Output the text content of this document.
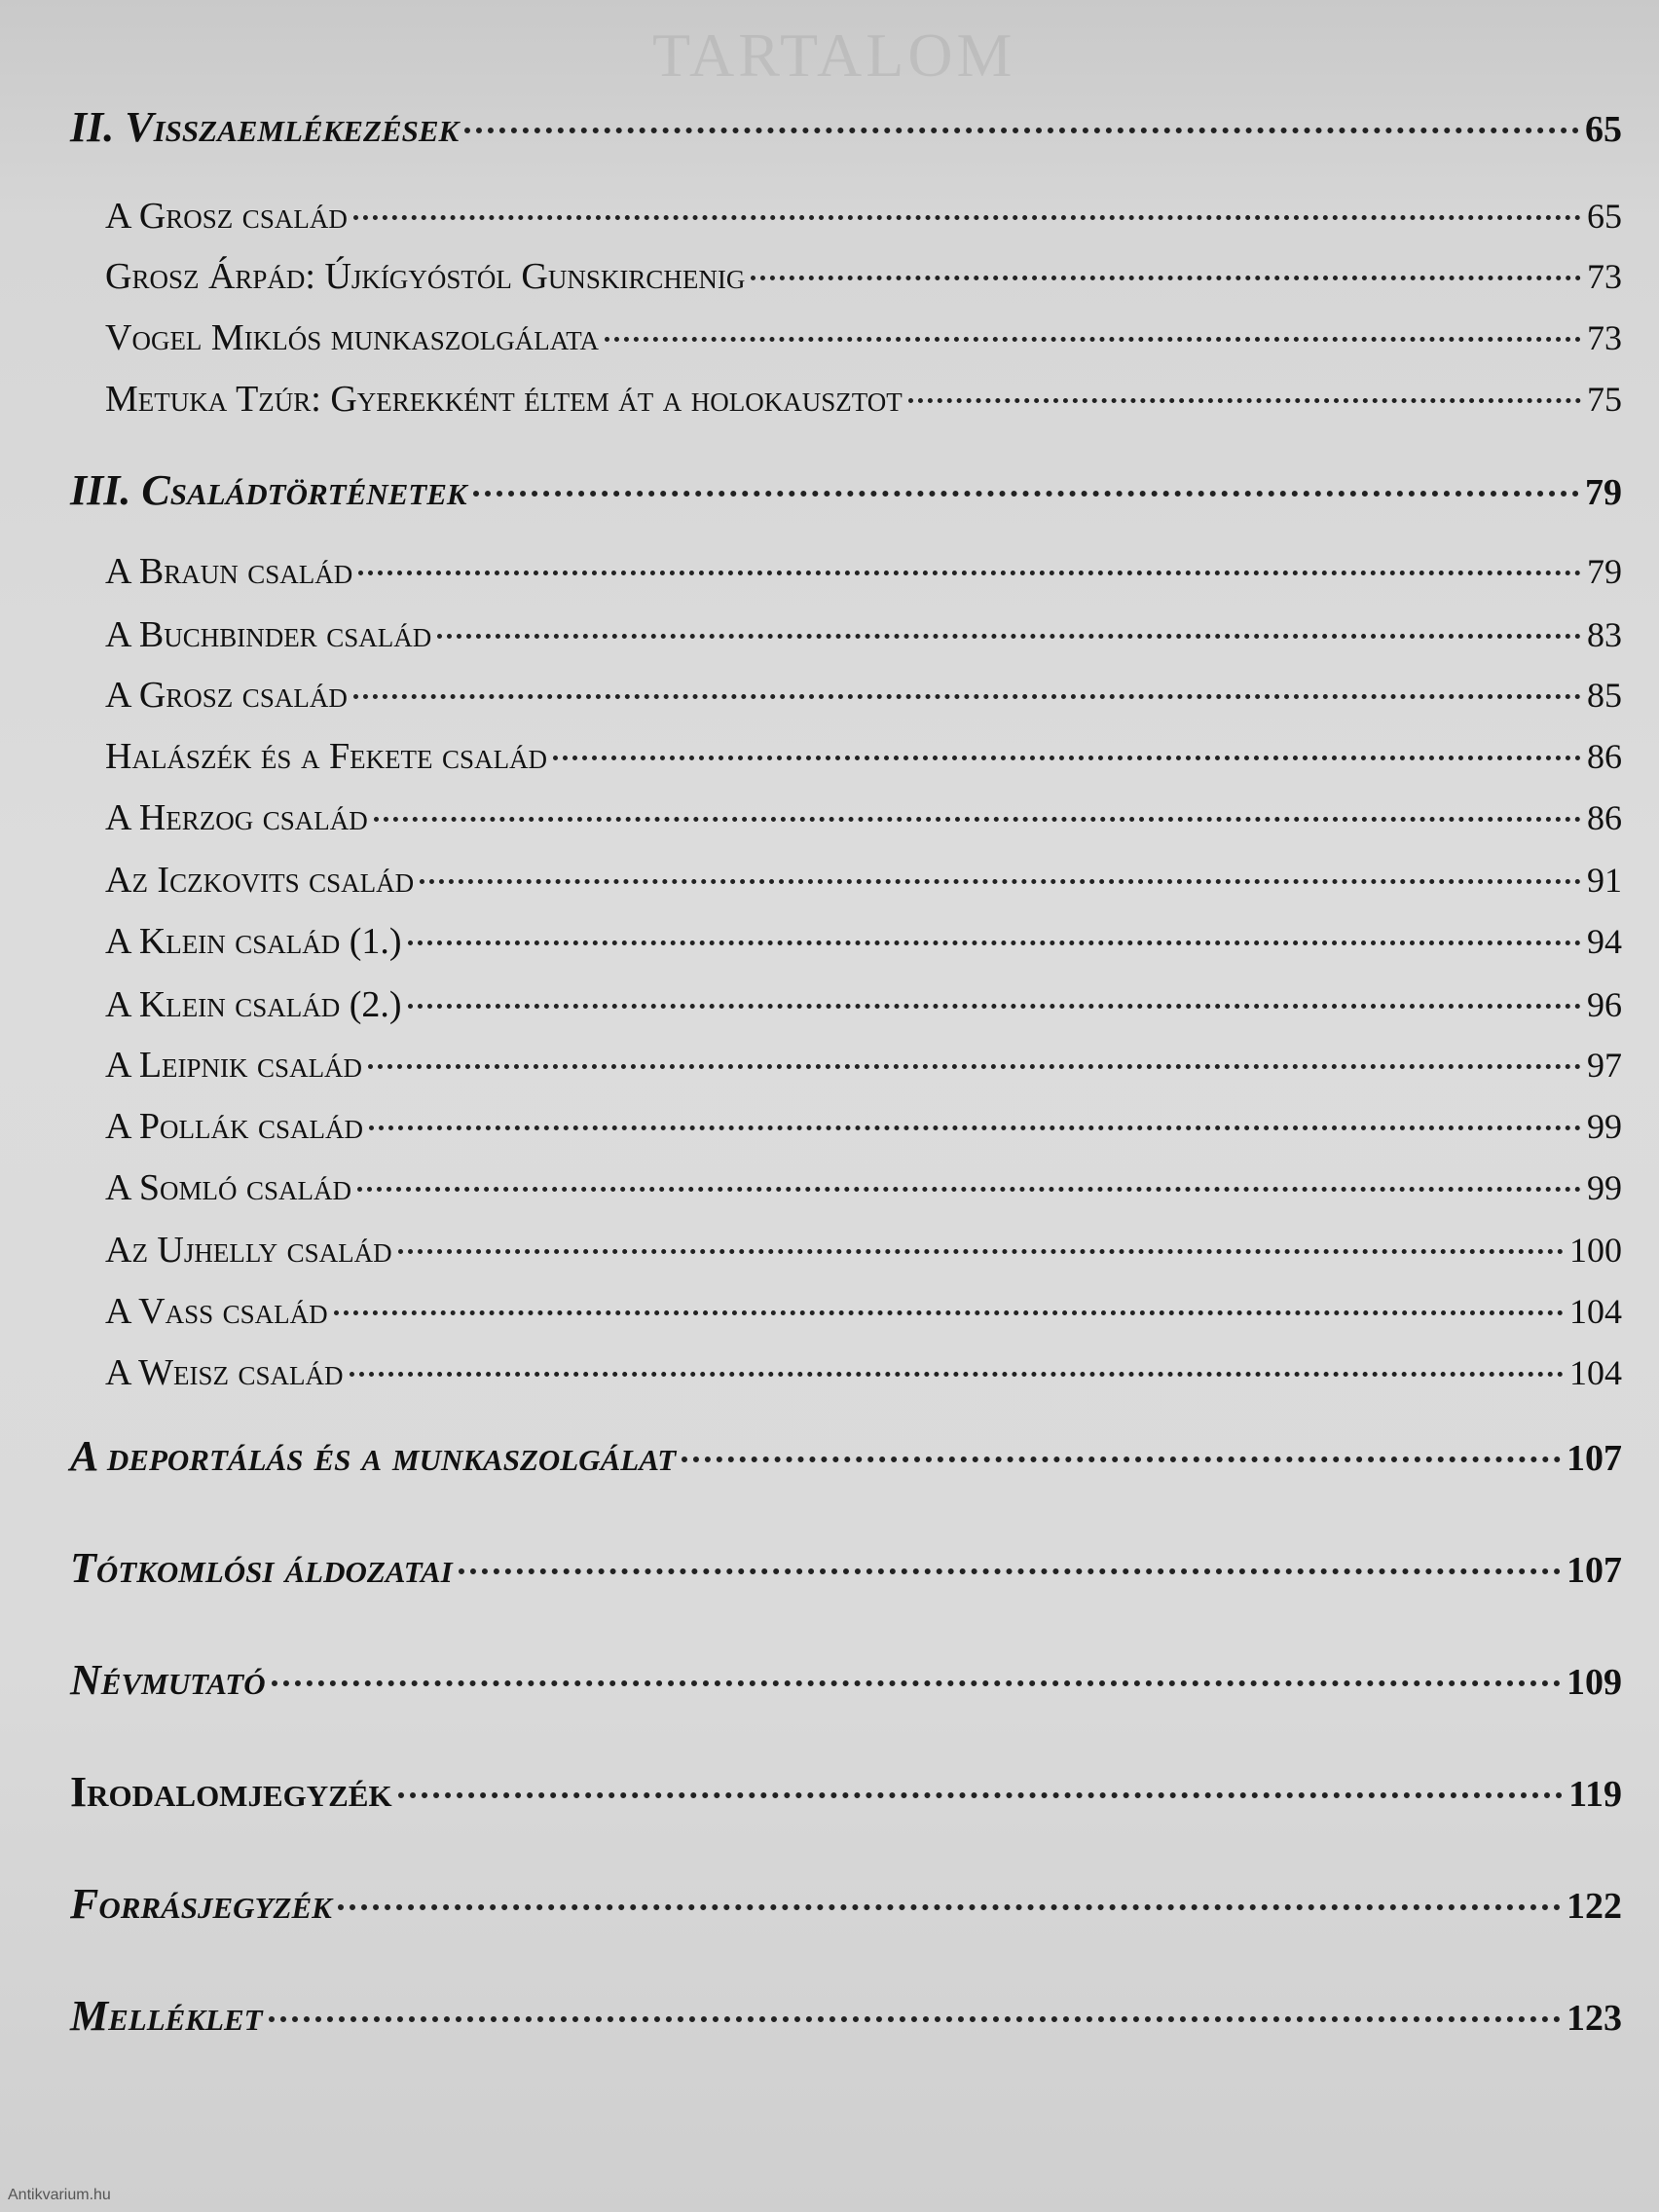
TARTALOM
II. Visszaemlékezések	65
A Grosz család	65
Grosz Árpád: Újkígyóstól Gunskirchenig	73
Vogel Miklós munkaszolgálata	73
Metuka Tzúr: Gyerekként éltem át a holokausztot	75
III. Családtörténetek	79
A Braun család	79
A Buchbinder család	83
A Grosz család	85
Halászék és a Fekete család	86
A Herzog család	86
Az Iczkovits család	91
A Klein család (1.)	94
A Klein család (2.)	96
A Leipnik család	97
A Pollák család	99
A Somló család	99
Az Ujhelly család	100
A Vass család	104
A Weisz család	104
A deportálás és a munkaszolgálat	107
Tótkomlósi áldozatai	107
Névmutató	109
Irodalomjegyzék	119
Forrásjegyzék	122
Melléklet	123
Antikvarium.hu
